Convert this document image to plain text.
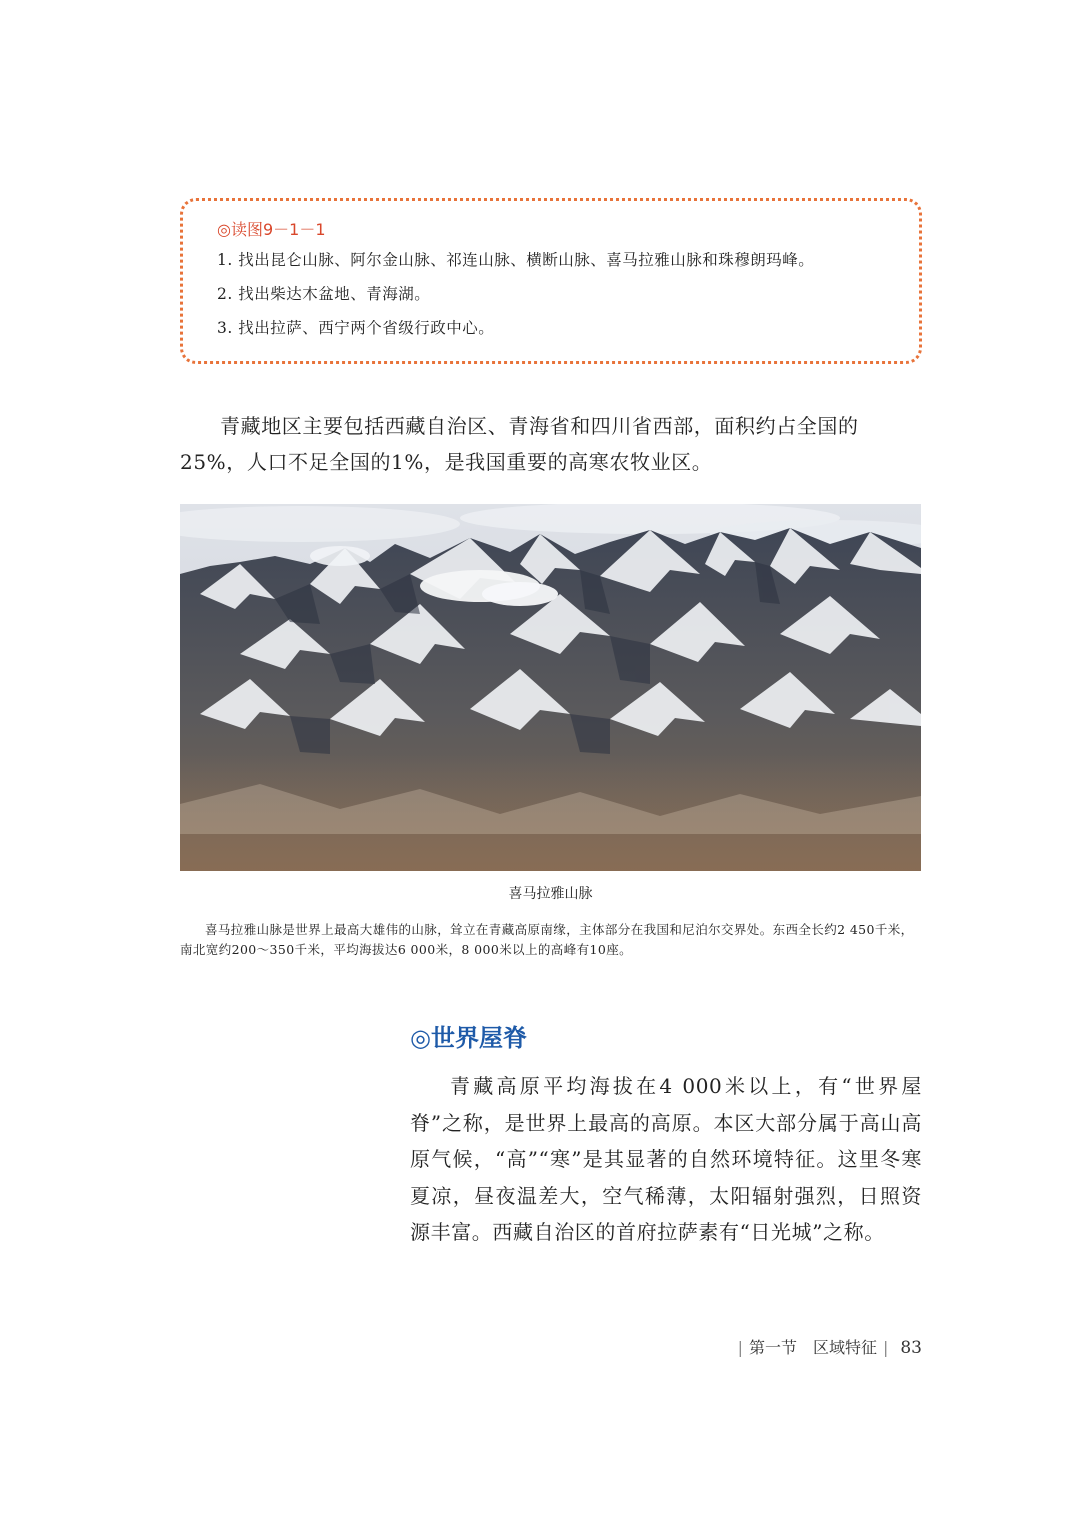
◎读图9－1－1
1. 找出昆仑山脉、阿尔金山脉、祁连山脉、横断山脉、喜马拉雅山脉和珠穆朗玛峰。
2. 找出柴达木盆地、青海湖。
3. 找出拉萨、西宁两个省级行政中心。

青藏地区主要包括西藏自治区、青海省和四川省西部，面积约占全国的25%，人口不足全国的1%，是我国重要的高寒农牧业区。

喜马拉雅山脉

喜马拉雅山脉是世界上最高大雄伟的山脉，耸立在青藏高原南缘，主体部分在我国和尼泊尔交界处。东西全长约2 450千米，南北宽约200～350千米，平均海拔达6 000米，8 000米以上的高峰有10座。

◎世界屋脊

青藏高原平均海拔在4 000米以上，有“世界屋脊”之称，是世界上最高的高原。本区大部分属于高山高原气候，“高”“寒”是其显著的自然环境特征。这里冬寒夏凉，昼夜温差大，空气稀薄，太阳辐射强烈，日照资源丰富。西藏自治区的首府拉萨素有“日光城”之称。

| 第一节　区域特征 | 83
